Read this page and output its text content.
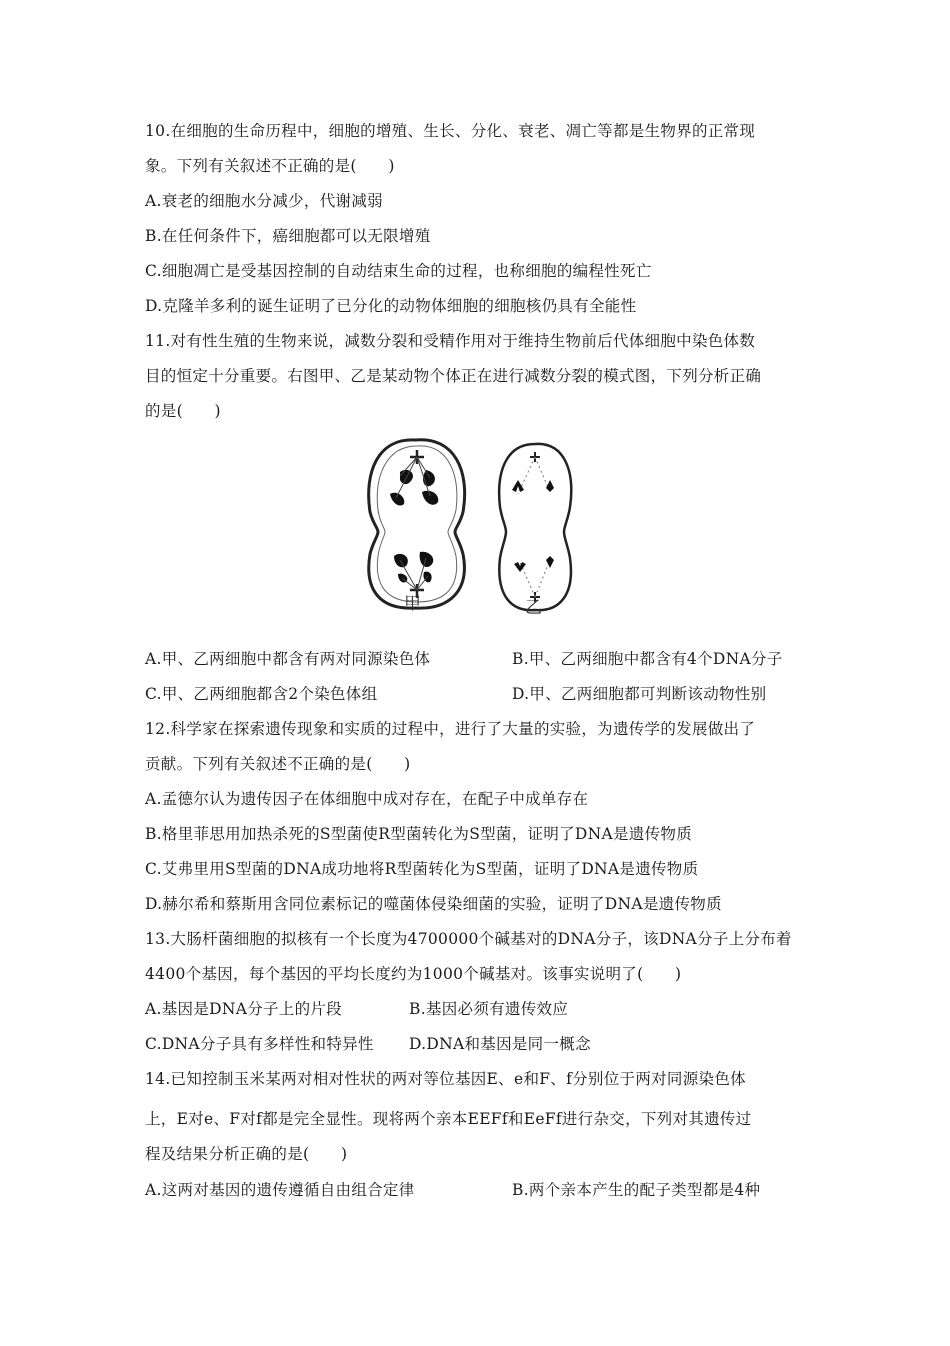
10.在细胞的生命历程中，细胞的增殖、生长、分化、衰老、凋亡等都是生物界的正常现
象。下列有关叙述不正确的是(　　)
A.衰老的细胞水分减少，代谢减弱
B.在任何条件下，癌细胞都可以无限增殖
C.细胞凋亡是受基因控制的自动结束生命的过程，也称细胞的编程性死亡
D.克隆羊多利的诞生证明了已分化的动物体细胞的细胞核仍具有全能性
11.对有性生殖的生物来说，减数分裂和受精作用对于维持生物前后代体细胞中染色体数
目的恒定十分重要。右图甲、乙是某动物个体正在进行减数分裂的模式图，下列分析正确
的是(　　)
甲	乙
A.甲、乙两细胞中都含有两对同源染色体	B.甲、乙两细胞中都含有4个DNA分子
C.甲、乙两细胞都含2个染色体组	D.甲、乙两细胞都可判断该动物性别
12.科学家在探索遗传现象和实质的过程中，进行了大量的实验，为遗传学的发展做出了
贡献。下列有关叙述不正确的是(　　)
A.孟德尔认为遗传因子在体细胞中成对存在，在配子中成单存在
B.格里菲思用加热杀死的S型菌使R型菌转化为S型菌，证明了DNA是遗传物质
C.艾弗里用S型菌的DNA成功地将R型菌转化为S型菌，证明了DNA是遗传物质
D.赫尔希和蔡斯用含同位素标记的噬菌体侵染细菌的实验，证明了DNA是遗传物质
13.大肠杆菌细胞的拟核有一个长度为4700000个碱基对的DNA分子，该DNA分子上分布着
4400个基因，每个基因的平均长度约为1000个碱基对。该事实说明了(　　)
A.基因是DNA分子上的片段	B.基因必须有遗传效应
C.DNA分子具有多样性和特异性 D.DNA和基因是同一概念
14.已知控制玉米某两对相对性状的两对等位基因E、e和F、f分别位于两对同源染色体
上，E对e、F对f都是完全显性。现将两个亲本EEFf和EeFf进行杂交，下列对其遗传过
程及结果分析正确的是(　　)
A.这两对基因的遗传遵循自由组合定律	B.两个亲本产生的配子类型都是4种
